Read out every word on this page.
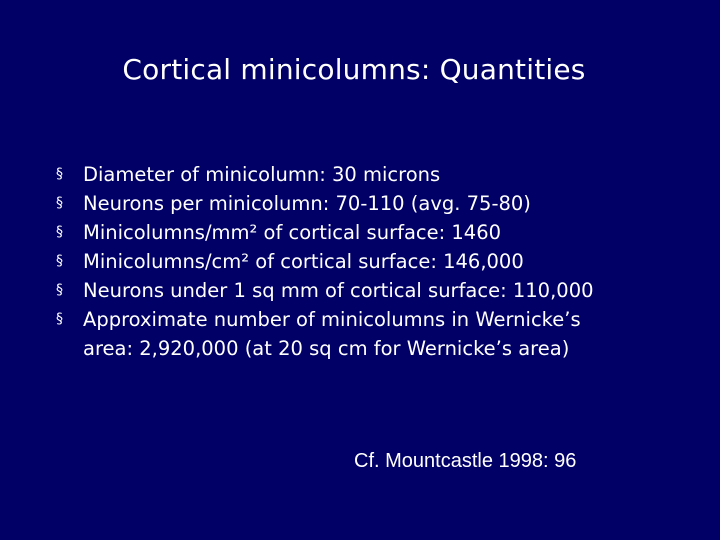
Cortical minicolumns: Quantities
§ Diameter of minicolumn: 30 microns
§ Neurons per minicolumn: 70-110 (avg. 75-80)
§ Minicolumns/mm² of cortical surface: 1460
§ Minicolumns/cm² of cortical surface: 146,000
§ Neurons under 1 sq mm of cortical surface: 110,000
§ Approximate number of minicolumns in Wernicke’s
area: 2,920,000 (at 20 sq cm for Wernicke’s area)
Cf. Mountcastle 1998: 96
